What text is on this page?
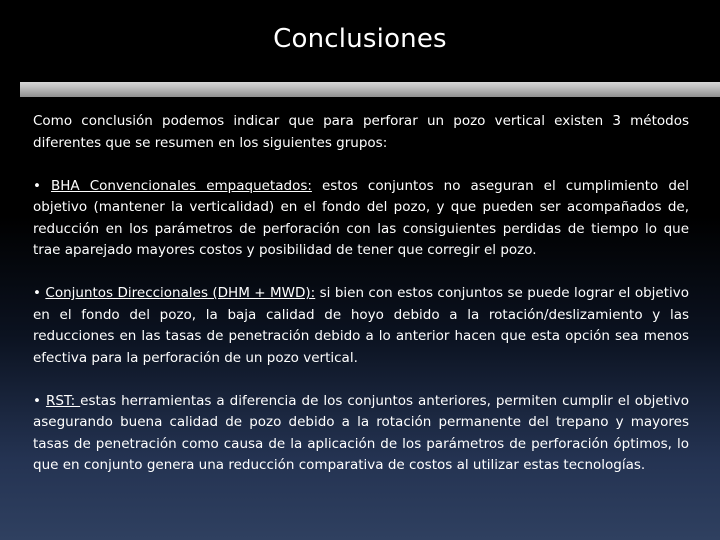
Conclusiones

Como conclusión podemos indicar que para perforar un pozo vertical existen 3 métodos diferentes que se resumen en los siguientes grupos:

• BHA Convencionales empaquetados: estos conjuntos no aseguran el cumplimiento del objetivo (mantener la verticalidad) en el fondo del pozo, y que pueden ser acompañados de, reducción en los parámetros de perforación con las consiguientes perdidas de tiempo lo que trae aparejado mayores costos y posibilidad de tener que corregir el pozo.

• Conjuntos Direccionales (DHM + MWD): si bien con estos conjuntos se puede lograr el objetivo en el fondo del pozo, la baja calidad de hoyo debido a la rotación/deslizamiento y las reducciones en las tasas de penetración debido a lo anterior hacen que esta opción sea menos efectiva para la perforación de un pozo vertical.

• RST: estas herramientas a diferencia de los conjuntos anteriores, permiten cumplir el objetivo asegurando buena calidad de pozo debido a la rotación permanente del trepano y mayores tasas de penetración como causa de la aplicación de los parámetros de perforación óptimos, lo que en conjunto genera una reducción comparativa de costos al utilizar estas tecnologías.
